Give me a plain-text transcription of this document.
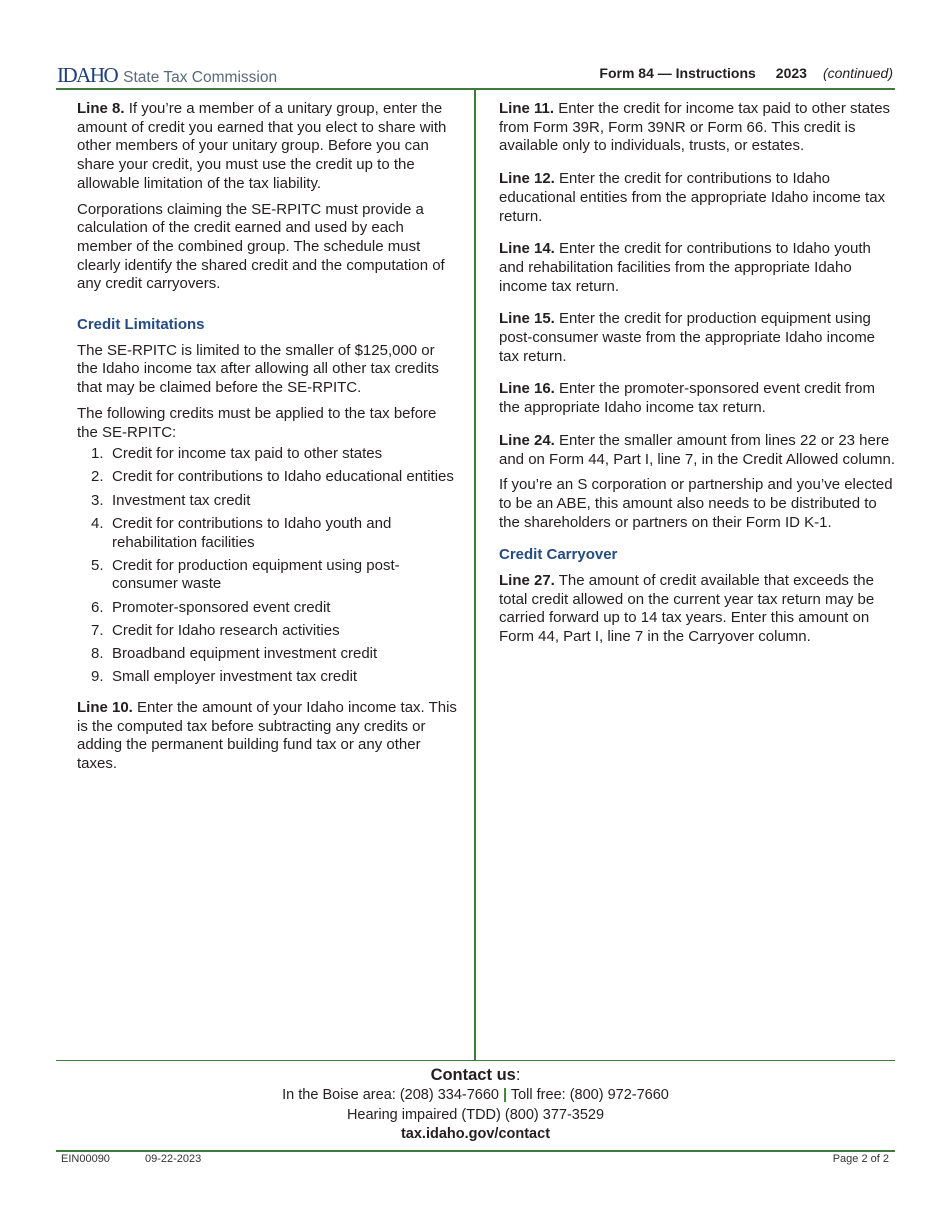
IDAHO State Tax Commission	Form 84 — Instructions 2023 (continued)

Line 8. If you’re a member of a unitary group, enter the amount of credit you earned that you elect to share with other members of your unitary group. Before you can share your credit, you must use the credit up to the allowable limitation of the tax liability.

Corporations claiming the SE-RPITC must provide a calculation of the credit earned and used by each member of the combined group. The schedule must clearly identify the shared credit and the computation of any credit carryovers.

Credit Limitations

The SE-RPITC is limited to the smaller of $125,000 or the Idaho income tax after allowing all other tax credits that may be claimed before the SE-RPITC.

The following credits must be applied to the tax before the SE-RPITC:

1. Credit for income tax paid to other states
2. Credit for contributions to Idaho educational entities
3. Investment tax credit
4. Credit for contributions to Idaho youth and rehabilitation facilities
5. Credit for production equipment using post-consumer waste
6. Promoter-sponsored event credit
7. Credit for Idaho research activities
8. Broadband equipment investment credit
9. Small employer investment tax credit

Line 10. Enter the amount of your Idaho income tax. This is the computed tax before subtracting any credits or adding the permanent building fund tax or any other taxes.

Line 11. Enter the credit for income tax paid to other states from Form 39R, Form 39NR or Form 66. This credit is available only to individuals, trusts, or estates.

Line 12. Enter the credit for contributions to Idaho educational entities from the appropriate Idaho income tax return.

Line 14. Enter the credit for contributions to Idaho youth and rehabilitation facilities from the appropriate Idaho income tax return.

Line 15. Enter the credit for production equipment using post-consumer waste from the appropriate Idaho income tax return.

Line 16. Enter the promoter-sponsored event credit from the appropriate Idaho income tax return.

Line 24. Enter the smaller amount from lines 22 or 23 here and on Form 44, Part I, line 7, in the Credit Allowed column.

If you’re an S corporation or partnership and you’ve elected to be an ABE, this amount also needs to be distributed to the shareholders or partners on their Form ID K-1.

Credit Carryover

Line 27. The amount of credit available that exceeds the total credit allowed on the current year tax return may be carried forward up to 14 tax years. Enter this amount on Form 44, Part I, line 7 in the Carryover column.

Contact us:
In the Boise area: (208) 334-7660 | Toll free: (800) 972-7660
Hearing impaired (TDD) (800) 377-3529
tax.idaho.gov/contact
EIN00090	09-22-2023	Page 2 of 2
